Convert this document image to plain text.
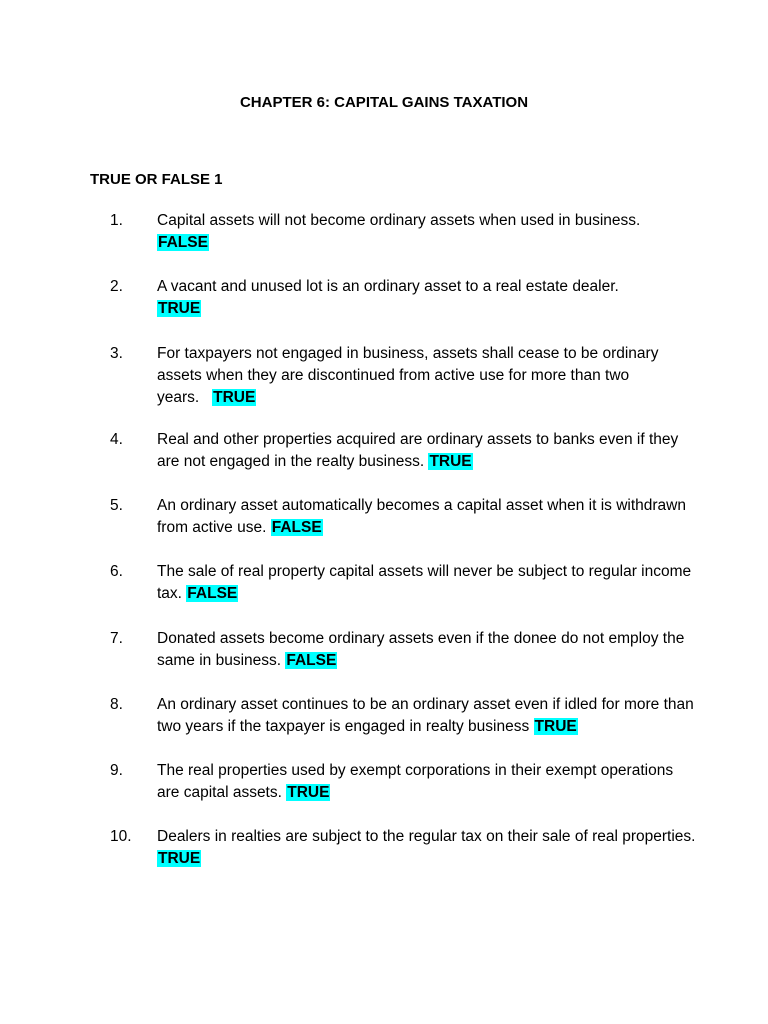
CHAPTER 6: CAPITAL GAINS TAXATION
TRUE OR FALSE 1
1.	Capital assets will not become ordinary assets when used in business.
FALSE
2.	A vacant and unused lot is an ordinary asset to a real estate dealer.
TRUE
3.	For taxpayers not engaged in business, assets shall cease to be ordinary assets when they are discontinued from active use for more than two years. TRUE
4.	Real and other properties acquired are ordinary assets to banks even if they are not engaged in the realty business. TRUE
5.	An ordinary asset automatically becomes a capital asset when it is withdrawn from active use. FALSE
6.	The sale of real property capital assets will never be subject to regular income tax. FALSE
7.	Donated assets become ordinary assets even if the donee do not employ the same in business. FALSE
8.	An ordinary asset continues to be an ordinary asset even if idled for more than two years if the taxpayer is engaged in realty business TRUE
9.	The real properties used by exempt corporations in their exempt operations are capital assets. TRUE
10.	Dealers in realties are subject to the regular tax on their sale of real properties. TRUE
